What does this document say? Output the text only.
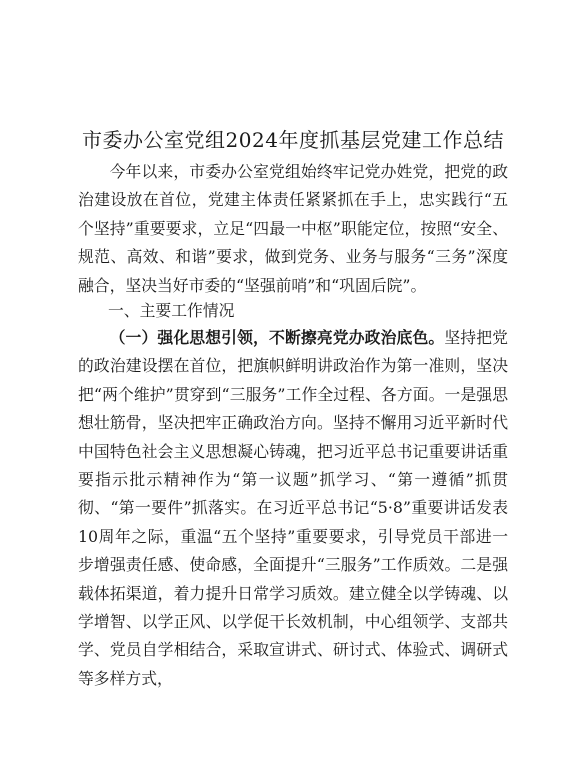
市委办公室党组2024年度抓基层党建工作总结

今年以来，市委办公室党组始终牢记党办姓党，把党的政治建设放在首位，党建主体责任紧紧抓在手上，忠实践行“五个坚持”重要要求，立足“四最一中枢”职能定位，按照“安全、规范、高效、和谐”要求，做到党务、业务与服务“三务”深度融合，坚决当好市委的“坚强前哨”和“巩固后院”。

一、主要工作情况

（一）强化思想引领，不断擦亮党办政治底色。坚持把党的政治建设摆在首位，把旗帜鲜明讲政治作为第一准则，坚决把“两个维护”贯穿到“三服务”工作全过程、各方面。一是强思想壮筋骨，坚决把牢正确政治方向。坚持不懈用习近平新时代中国特色社会主义思想凝心铸魂，把习近平总书记重要讲话重要指示批示精神作为“第一议题”抓学习、“第一遵循”抓贯彻、“第一要件”抓落实。在习近平总书记“5·8”重要讲话发表10周年之际，重温“五个坚持”重要要求，引导党员干部进一步增强责任感、使命感，全面提升“三服务”工作质效。二是强载体拓渠道，着力提升日常学习质效。建立健全以学铸魂、以学增智、以学正风、以学促干长效机制，中心组领学、支部共学、党员自学相结合，采取宣讲式、研讨式、体验式、调研式等多样方式，
